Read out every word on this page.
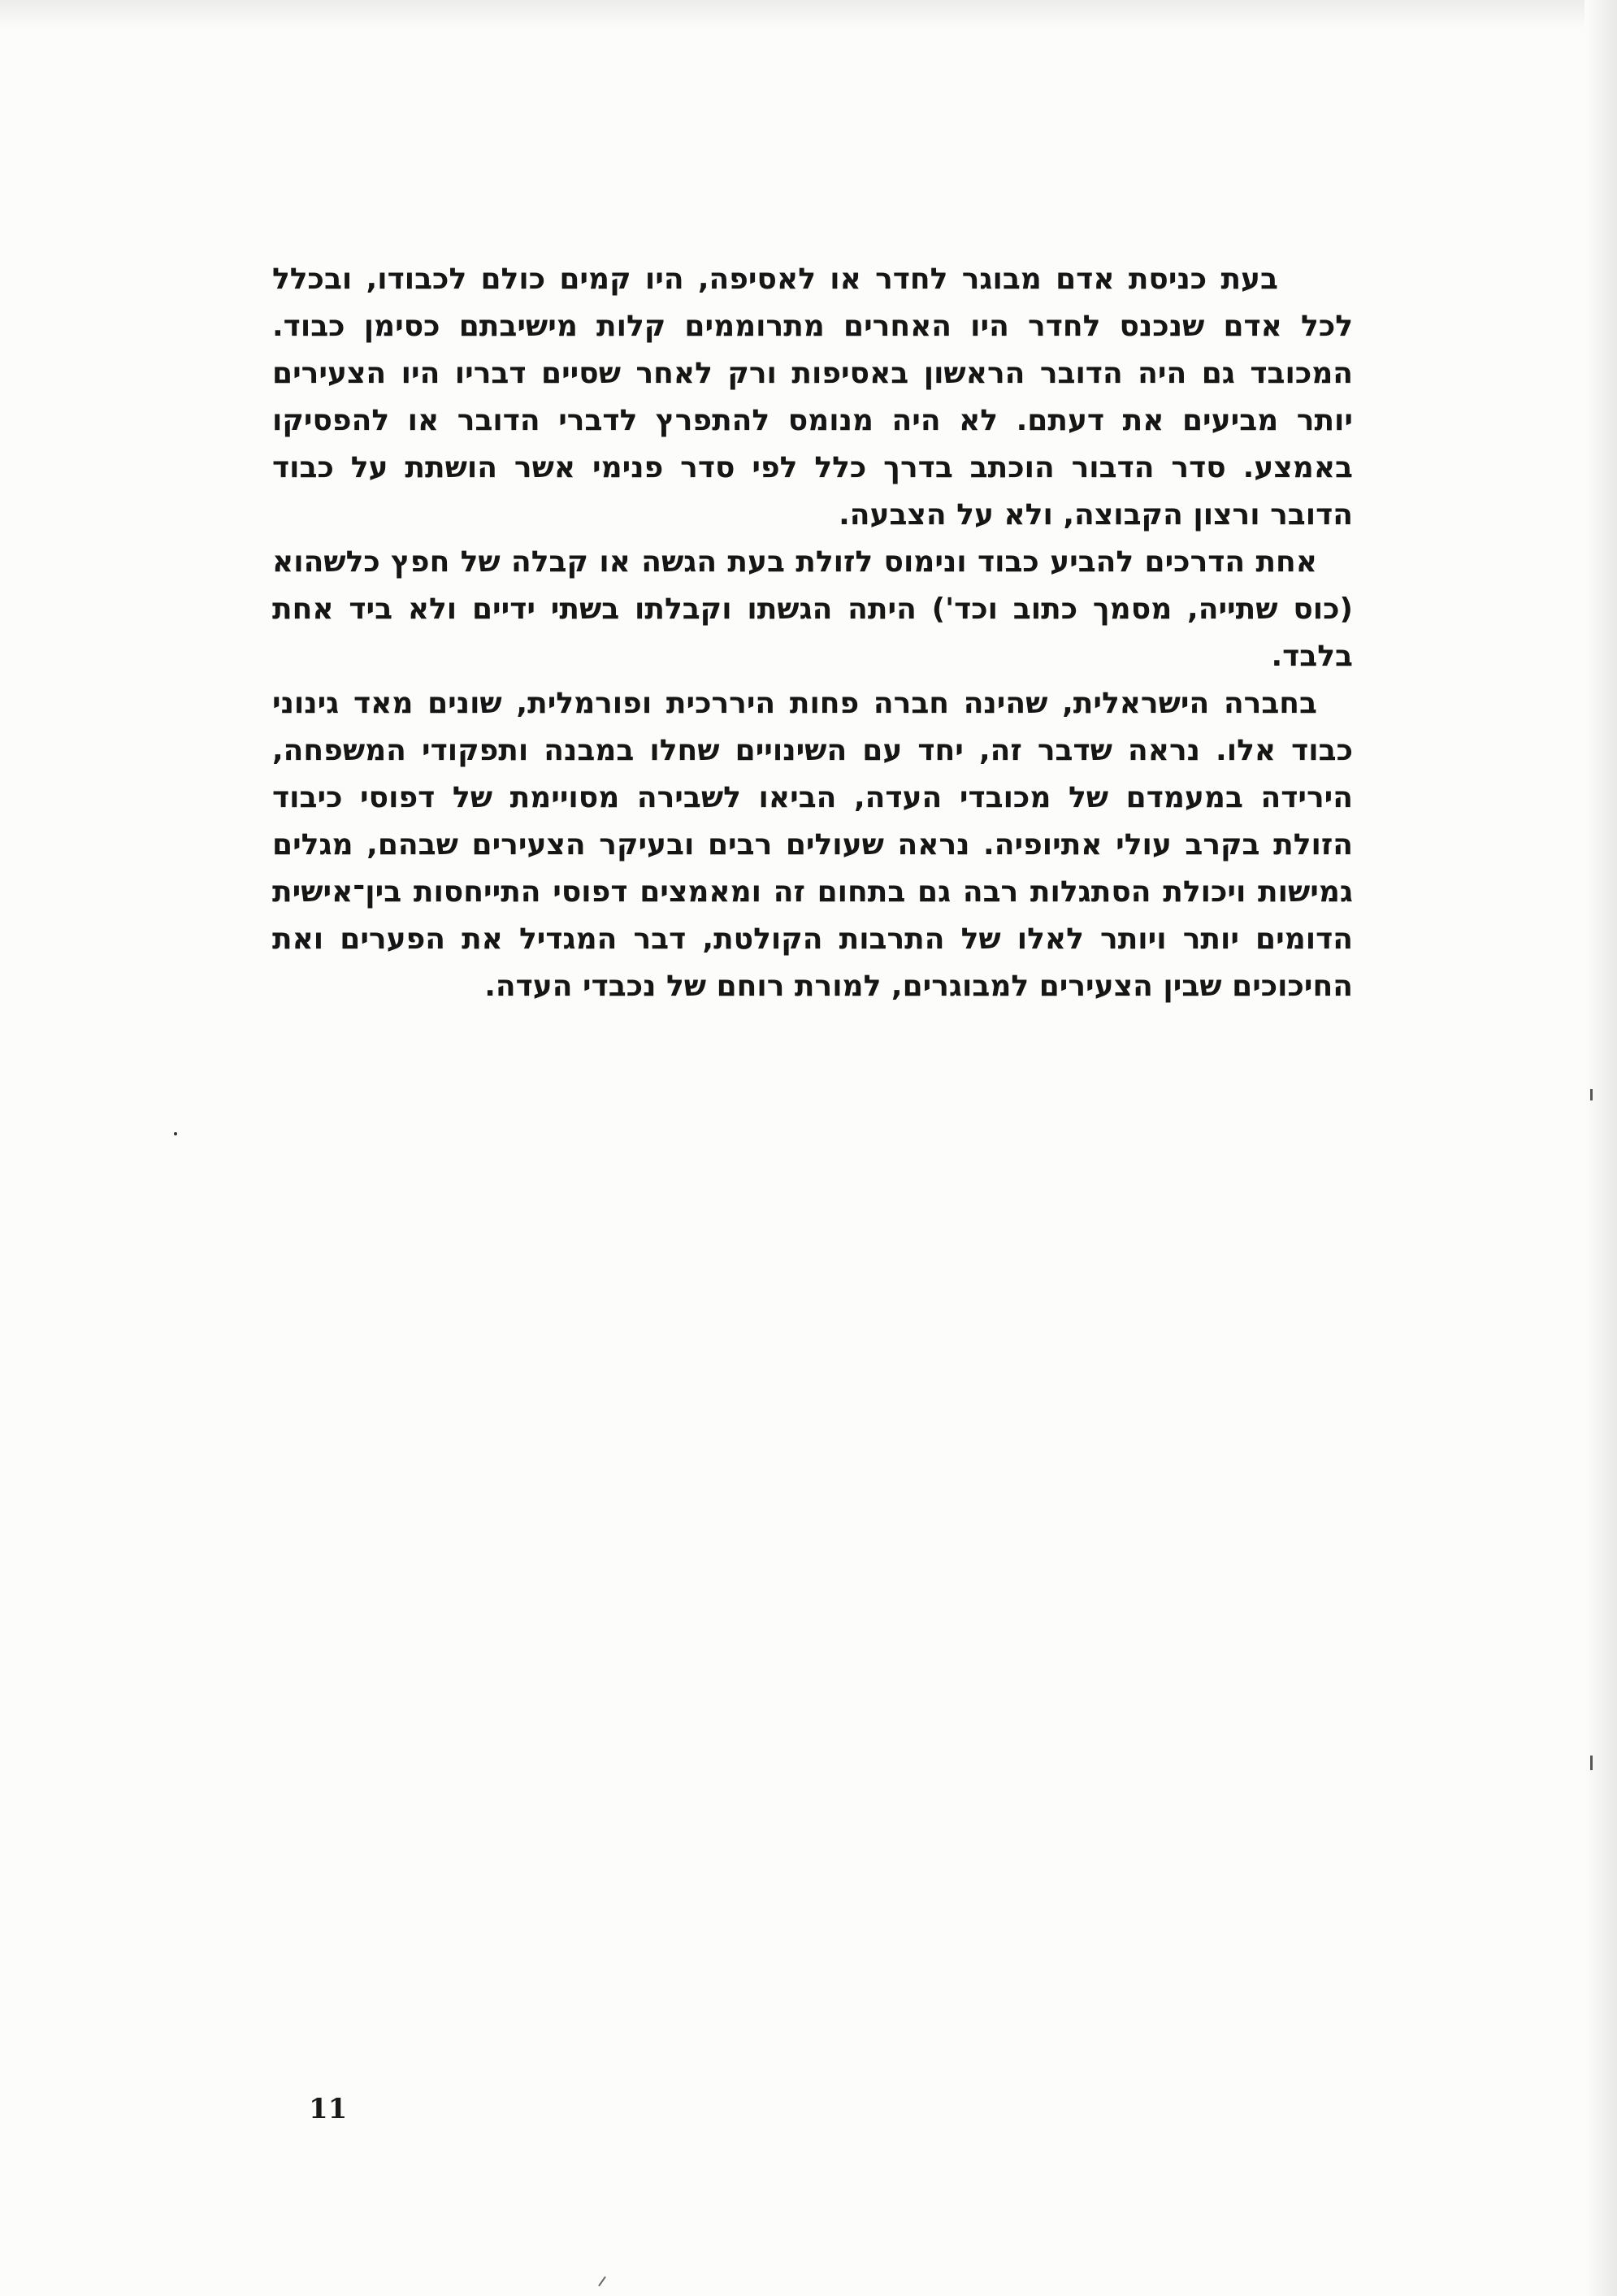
בעת כניסת אדם מבוגר לחדר או לאסיפה, היו קמים כולם לכבודו, ובכלל לכל אדם שנכנס לחדר היו האחרים מתרוממים קלות מישיבתם כסימן כבוד. המכובד גם היה הדובר הראשון באסיפות ורק לאחר שסיים דבריו היו הצעירים יותר מביעים את דעתם. לא היה מנומס להתפרץ לדברי הדובר או להפסיקו באמצע. סדר הדבור הוכתב בדרך כלל לפי סדר פנימי אשר הושתת על כבוד הדובר ורצון הקבוצה, ולא על הצבעה.

אחת הדרכים להביע כבוד ונימוס לזולת בעת הגשה או קבלה של חפץ כלשהוא (כוס שתייה, מסמך כתוב וכד') היתה הגשתו וקבלתו בשתי ידיים ולא ביד אחת בלבד.

בחברה הישראלית, שהינה חברה פחות היררכית ופורמלית, שונים מאד גינוני כבוד אלו. נראה שדבר זה, יחד עם השינויים שחלו במבנה ותפקודי המשפחה, הירידה במעמדם של מכובדי העדה, הביאו לשבירה מסויימת של דפוסי כיבוד הזולת בקרב עולי אתיופיה. נראה שעולים רבים ובעיקר הצעירים שבהם, מגלים גמישות ויכולת הסתגלות רבה גם בתחום זה ומאמצים דפוסי התייחסות בין־אישית הדומים יותר ויותר לאלו של התרבות הקולטת, דבר המגדיל את הפערים ואת החיכוכים שבין הצעירים למבוגרים, למורת רוחם של נכבדי העדה.

11
